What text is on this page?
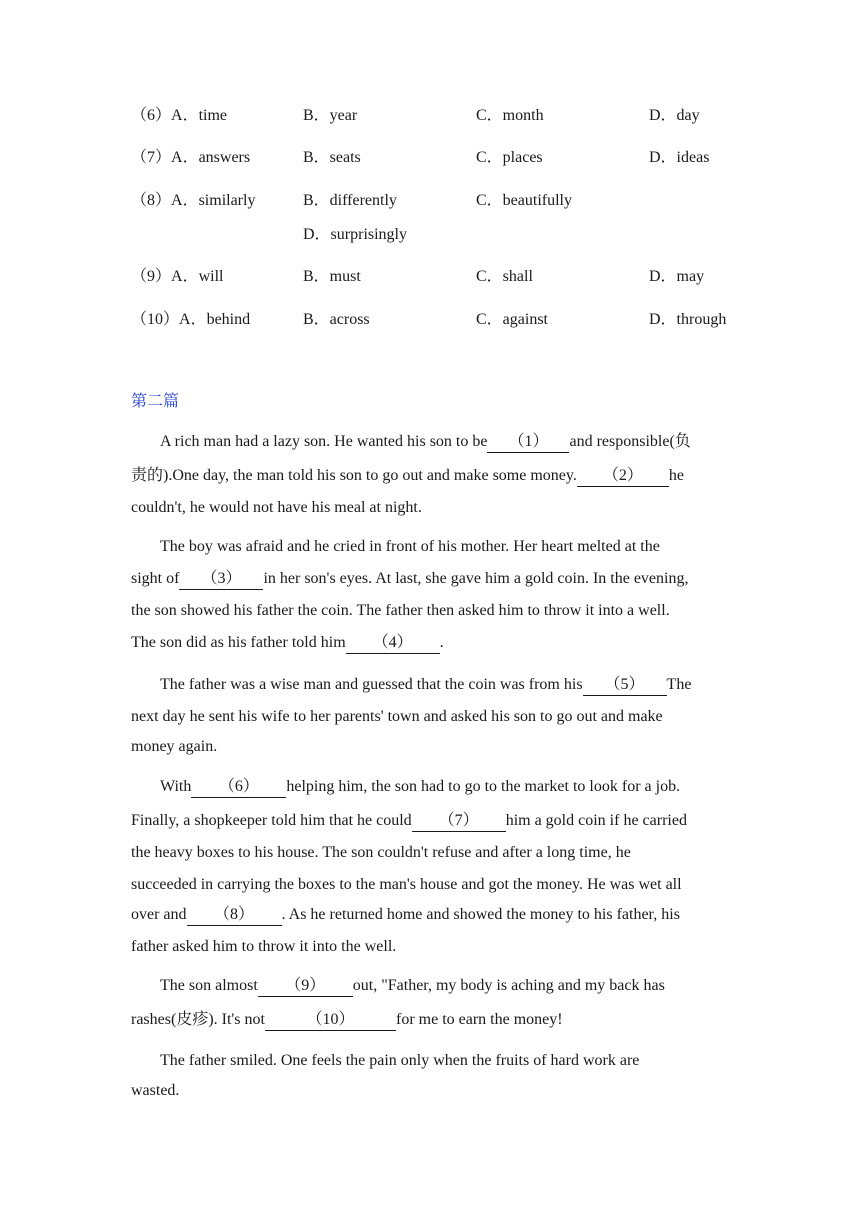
（6）A．time	B．year	C．month	D．day
（7）A．answers	B．seats	C．places	D．ideas
（8）A．similarly	B．differently	C．beautifully
D．surprisingly
（9）A．will	B．must	C．shall	D．may
（10）A．behind	B．across	C．against	D．through
第二篇
A rich man had a lazy son. He wanted his son to be （1） and responsible(负
责的).One day, the man told his son to go out and make some money. （2） he
couldn't, he would not have his meal at night.
The boy was afraid and he cried in front of his mother. Her heart melted at the
sight of （3） in her son's eyes. At last, she gave him a gold coin. In the evening,
the son showed his father the coin. The father then asked him to throw it into a well.
The son did as his father told him （4） .
The father was a wise man and guessed that the coin was from his （5） The
next day he sent his wife to her parents' town and asked his son to go out and make
money again.
With （6） helping him, the son had to go to the market to look for a job.
Finally, a shopkeeper told him that he could （7） him a gold coin if he carried
the heavy boxes to his house. The son couldn't refuse and after a long time, he
succeeded in carrying the boxes to the man's house and got the money. He was wet all
over and （8） . As he returned home and showed the money to his father, his
father asked him to throw it into the well.
The son almost （9） out, "Father, my body is aching and my back has
rashes(皮疹). It's not	（10）	for me to earn the money!
The father smiled. One feels the pain only when the fruits of hard work are
wasted.
